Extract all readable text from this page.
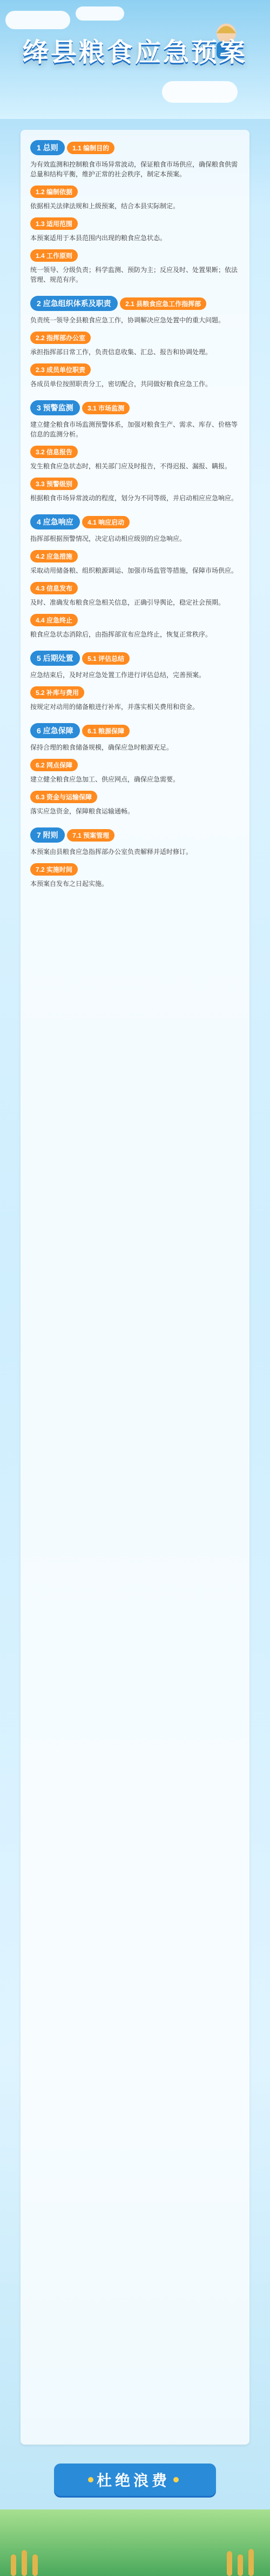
绛县粮食应急预案
1 总则 1.1 编制目的

为有效监测和控制粮食市场异常波动，保证粮食市场供应，确保粮食供需总量和结构平衡，维护正常的社会秩序，制定本预案。

1.2 编制依据

依据相关法律法规和上级预案，结合本县实际制定。

1.3 适用范围

本预案适用于本县范围内出现的粮食应急状态。

1.4 工作原则

统一领导、分级负责；科学监测、预防为主；反应及时、处置果断；依法管理、规范有序。

2 应急组织体系及职责 2.1 县粮食应急工作指挥部

负责统一领导全县粮食应急工作，协调解决应急处置中的重大问题。

2.2 指挥部办公室

承担指挥部日常工作，负责信息收集、汇总、报告和协调处理。

2.3 成员单位职责

各成员单位按照职责分工，密切配合，共同做好粮食应急工作。

3 预警监测 3.1 市场监测

建立健全粮食市场监测预警体系，加强对粮食生产、需求、库存、价格等信息的监测分析。

3.2 信息报告

发生粮食应急状态时，相关部门应及时报告，不得迟报、漏报、瞒报。

3.3 预警级别

根据粮食市场异常波动的程度，划分为不同等级，并启动相应应急响应。

4 应急响应 4.1 响应启动

指挥部根据预警情况，决定启动相应级别的应急响应。

4.2 应急措施

采取动用储备粮、组织粮源调运、加强市场监管等措施，保障市场供应。

4.3 信息发布

及时、准确发布粮食应急相关信息，正确引导舆论，稳定社会预期。

4.4 应急终止

粮食应急状态消除后，由指挥部宣布应急终止，恢复正常秩序。

5 后期处置 5.1 评估总结

应急结束后，及时对应急处置工作进行评估总结，完善预案。

5.2 补库与费用

按规定对动用的储备粮进行补库，并落实相关费用和资金。

6 应急保障 6.1 粮源保障

保持合理的粮食储备规模，确保应急时粮源充足。

6.2 网点保障

建立健全粮食应急加工、供应网点，确保应急需要。

6.3 资金与运输保障

落实应急资金，保障粮食运输通畅。

7 附则 7.1 预案管理

本预案由县粮食应急指挥部办公室负责解释并适时修订。

7.2 实施时间

本预案自发布之日起实施。

杜绝浪费
